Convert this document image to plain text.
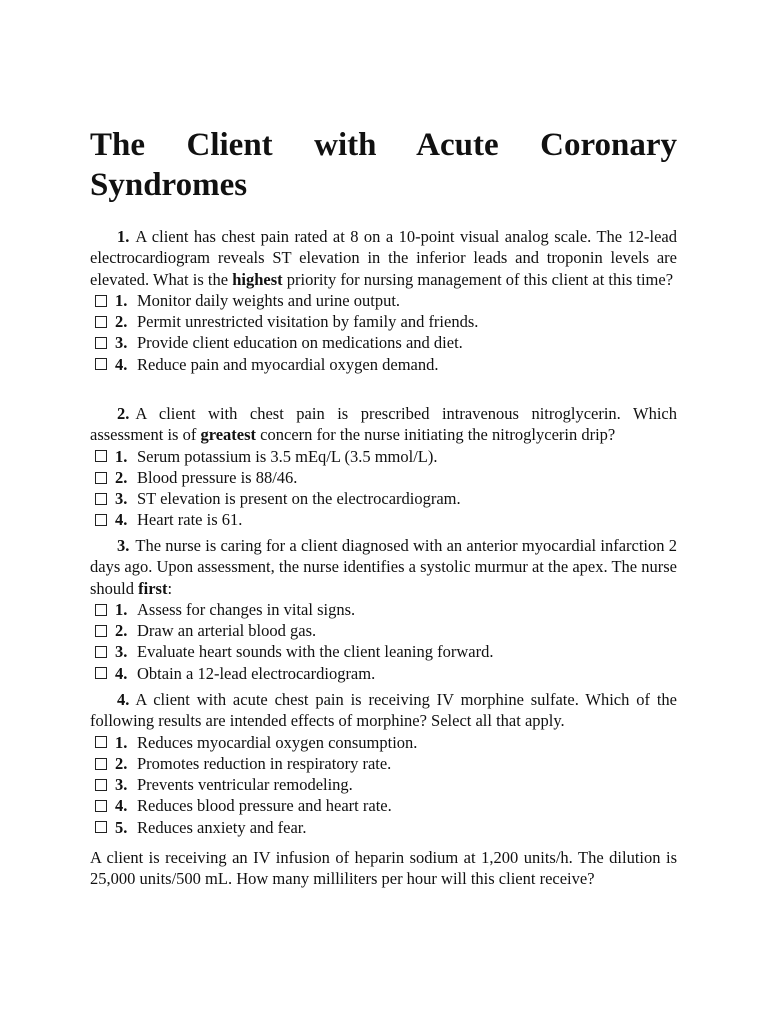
The Client with Acute Coronary Syndromes

1. A client has chest pain rated at 8 on a 10-point visual analog scale. The 12-lead electrocardiogram reveals ST elevation in the inferior leads and troponin levels are elevated. What is the highest priority for nursing management of this client at this time?

1. Monitor daily weights and urine output.
2. Permit unrestricted visitation by family and friends.
3. Provide client education on medications and diet.
4. Reduce pain and myocardial oxygen demand.

2. A client with chest pain is prescribed intravenous nitroglycerin. Which assessment is of greatest concern for the nurse initiating the nitroglycerin drip?

1. Serum potassium is 3.5 mEq/L (3.5 mmol/L).
2. Blood pressure is 88/46.
3. ST elevation is present on the electrocardiogram.
4. Heart rate is 61.

3. The nurse is caring for a client diagnosed with an anterior myocardial infarction 2 days ago. Upon assessment, the nurse identifies a systolic murmur at the apex. The nurse should first:

1. Assess for changes in vital signs.
2. Draw an arterial blood gas.
3. Evaluate heart sounds with the client leaning forward.
4. Obtain a 12-lead electrocardiogram.

4. A client with acute chest pain is receiving IV morphine sulfate. Which of the following results are intended effects of morphine? Select all that apply.

1. Reduces myocardial oxygen consumption.
2. Promotes reduction in respiratory rate.
3. Prevents ventricular remodeling.
4. Reduces blood pressure and heart rate.
5. Reduces anxiety and fear.

A client is receiving an IV infusion of heparin sodium at 1,200 units/h. The dilution is 25,000 units/500 mL. How many milliliters per hour will this client receive?
